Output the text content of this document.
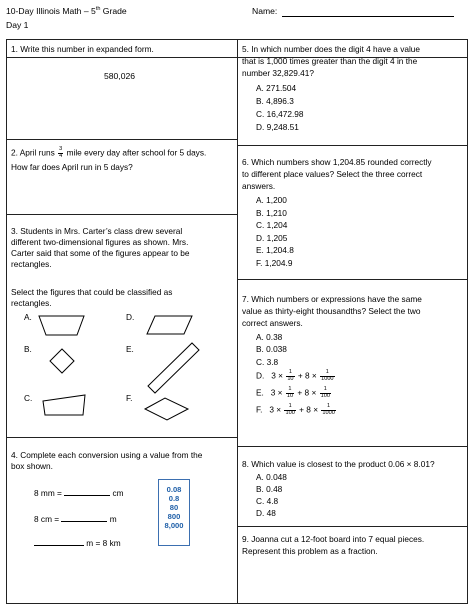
10-Day Illinois Math – 5th Grade
Day 1
Name:
1. Write this number in expanded form.
580,026
2. April runs $\frac{3}{4}$ mile every day after school for 5 days.
How far does April run in 5 days?
3. Students in Mrs. Carter’s class drew several
different two-dimensional figures as shown. Mrs.
Carter said that some of the figures appear to be
rectangles.
Select the figures that could be classified as
rectangles.
A.
B.
C.
D.
E.
F.
4. Complete each conversion using a value from the
box shown.
8 mm =	cm
8 cm =	m
m = 8 km
0.08
0.8
80
800
8,000
5. In which number does the digit 4 have a value
that is 1,000 times greater than the digit 4 in the
number 32,829.41?
A. 271.504
B. 4,896.3
C. 16,472.98
D. 9,248.51
6. Which numbers show 1,204.85 rounded correctly
to different place values? Select the three correct
answers.
A. 1,200
B. 1,210
C. 1,204
D. 1,205
E. 1,204.8
F. 1,204.9
7. Which numbers or expressions have the same
value as thirty-eight thousandths? Select the two
correct answers.
A. 0.38
B. 0.038
C. 3.8
D. $3 \times \frac{1}{10} + 8 \times \frac{1}{1000}$
E. $3 \times \frac{1}{10} + 8 \times \frac{1}{100}$
F. $3 \times \frac{1}{100} + 8 \times \frac{1}{1000}$
8. Which value is closest to the product 0.06 × 8.01?
A. 0.048
B. 0.48
C. 4.8
D. 48
9. Joanna cut a 12-foot board into 7 equal pieces.
Represent this problem as a fraction.
